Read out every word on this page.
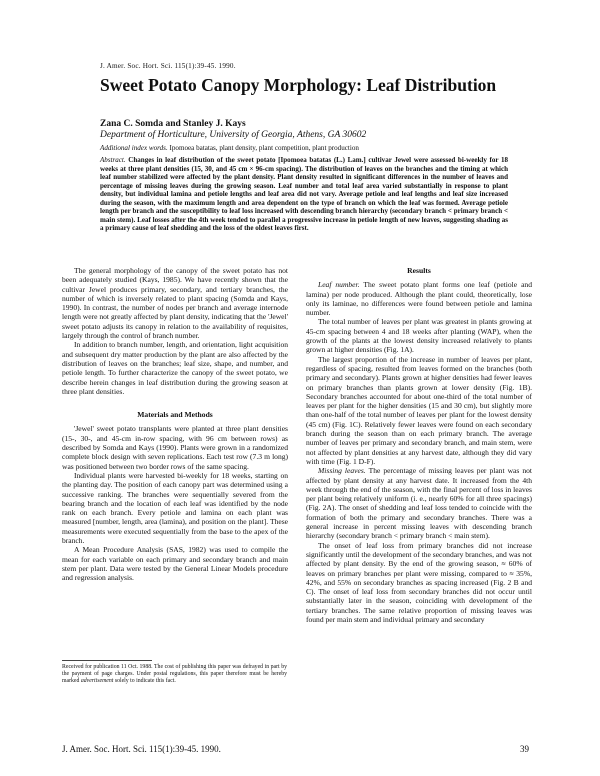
J. Amer. Soc. Hort. Sci. 115(1):39-45. 1990.
Sweet Potato Canopy Morphology: Leaf Distribution
Zana C. Somda and Stanley J. Kays
Department of Horticulture, University of Georgia, Athens, GA 30602
Additional index words. Ipomoea batatas, plant density, plant competition, plant production

Abstract. Changes in leaf distribution of the sweet potato [Ipomoea batatas (L.) Lam.] cultivar Jewel were assessed bi-weekly for 18 weeks at three plant densities (15, 30, and 45 cm × 96-cm spacing). The distribution of leaves on the branches and the timing at which leaf number stabilized were affected by the plant density. Plant density resulted in significant differences in the number of leaves and percentage of missing leaves during the growing season. Leaf number and total leaf area varied substantially in response to plant density, but individual lamina and petiole lengths and leaf area did not vary. Average petiole and leaf lengths and leaf size increased during the season, with the maximum length and area dependent on the type of branch on which the leaf was formed. Average petiole length per branch and the susceptibility to leaf loss increased with descending branch hierarchy (secondary branch < primary branch < main stem). Leaf losses after the 4th week tended to parallel a progressive increase in petiole length of new leaves, suggesting shading as a primary cause of leaf shedding and the loss of the oldest leaves first.

The general morphology of the canopy of the sweet potato has not been adequately studied (Kays, 1985). We have recently shown that the cultivar Jewel produces primary, secondary, and tertiary branches, the number of which is inversely related to plant spacing (Somda and Kays, 1990). In contrast, the number of nodes per branch and average internode length were not greatly affected by plant density, indicating that the 'Jewel' sweet potato adjusts its canopy in relation to the availability of requisites, largely through the control of branch number.

In addition to branch number, length, and orientation, light acquisition and subsequent dry matter production by the plant are also affected by the distribution of leaves on the branches; leaf size, shape, and number, and petiole length. To further characterize the canopy of the sweet potato, we describe herein changes in leaf distribution during the growing season at three plant densities.

Materials and Methods

'Jewel' sweet potato transplants were planted at three plant densities (15-, 30-, and 45-cm in-row spacing, with 96 cm between rows) as described by Somda and Kays (1990). Plants were grown in a randomized complete block design with seven replications. Each test row (7.3 m long) was positioned between two border rows of the same spacing.

Individual plants were harvested bi-weekly for 18 weeks, starting on the planting day. The position of each canopy part was determined using a successive ranking. The branches were sequentially severed from the bearing branch and the location of each leaf was identified by the node rank on each branch. Every petiole and lamina on each plant was measured [number, length, area (lamina), and position on the plant]. These measurements were executed sequentially from the base to the apex of the branch.

A Mean Procedure Analysis (SAS, 1982) was used to compile the mean for each variable on each primary and secondary branch and main stem per plant. Data were tested by the General Linear Models procedure and regression analysis.

Results

Leaf number. The sweet potato plant forms one leaf (petiole and lamina) per node produced. Although the plant could, theoretically, lose only its laminae, no differences were found between petiole and lamina number.

The total number of leaves per plant was greatest in plants growing at 45-cm spacing between 4 and 18 weeks after planting (WAP), when the growth of the plants at the lowest density increased relatively to plants grown at higher densities (Fig. 1A).

The largest proportion of the increase in number of leaves per plant, regardless of spacing, resulted from leaves formed on the branches (both primary and secondary). Plants grown at higher densities had fewer leaves on primary branches than plants grown at lower density (Fig. 1B). Secondary branches accounted for about one-third of the total number of leaves per plant for the higher densities (15 and 30 cm), but slightly more than one-half of the total number of leaves per plant for the lowest density (45 cm) (Fig. 1C). Relatively fewer leaves were found on each secondary branch during the season than on each primary branch. The average number of leaves per primary and secondary branch, and main stem, were not affected by plant densities at any harvest date, although they did vary with time (Fig. 1 D-F).

Missing leaves. The percentage of missing leaves per plant was not affected by plant density at any harvest date. It increased from the 4th week through the end of the season, with the final percent of loss in leaves per plant being relatively uniform (i. e., nearly 60% for all three spacings) (Fig. 2A). The onset of shedding and leaf loss tended to coincide with the formation of both the primary and secondary branches. There was a general increase in percent missing leaves with descending branch hierarchy (secondary branch < primary branch < main stem).

The onset of leaf loss from primary branches did not increase significantly until the development of the secondary branches, and was not affected by plant density. By the end of the growing season, ≈ 60% of leaves on primary branches per plant were missing, compared to ≈ 35%, 42%, and 55% on secondary branches as spacing increased (Fig. 2 B and C). The onset of leaf loss from secondary branches did not occur until substantially later in the season, coinciding with development of the tertiary branches. The same relative proportion of missing leaves was found per main stem and individual primary and secondary

Received for publication 11 Oct. 1988. The cost of publishing this paper was defrayed in part by the payment of page charges. Under postal regulations, this paper therefore must be hereby marked advertisement solely to indicate this fact.
J. Amer. Soc. Hort. Sci. 115(1):39-45. 1990.	39
